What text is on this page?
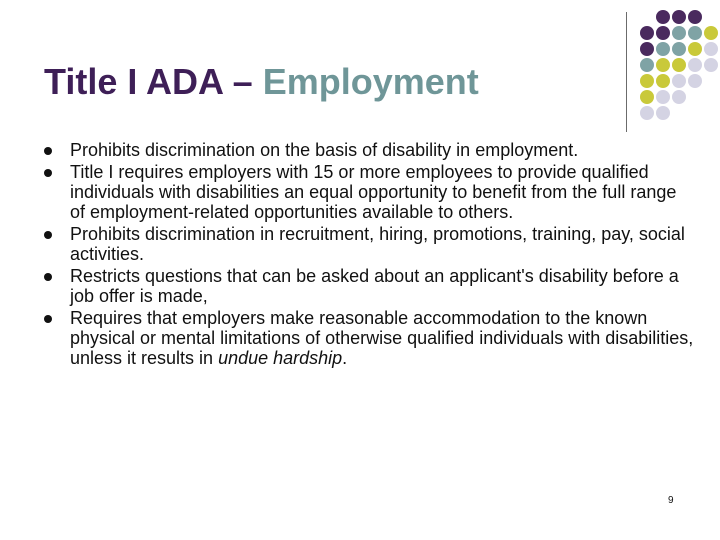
Title I ADA – Employment
Prohibits discrimination on the basis of disability in employment.
Title I requires employers with 15 or more employees to provide qualified individuals with disabilities an equal opportunity to benefit from the full range of employment-related opportunities available to others.
Prohibits discrimination in recruitment, hiring, promotions, training, pay, social activities.
Restricts questions that can be asked about an applicant's disability before a job offer is made,
Requires that employers make reasonable accommodation to the known physical or mental limitations of otherwise qualified individuals with disabilities, unless it results in undue hardship.
9
